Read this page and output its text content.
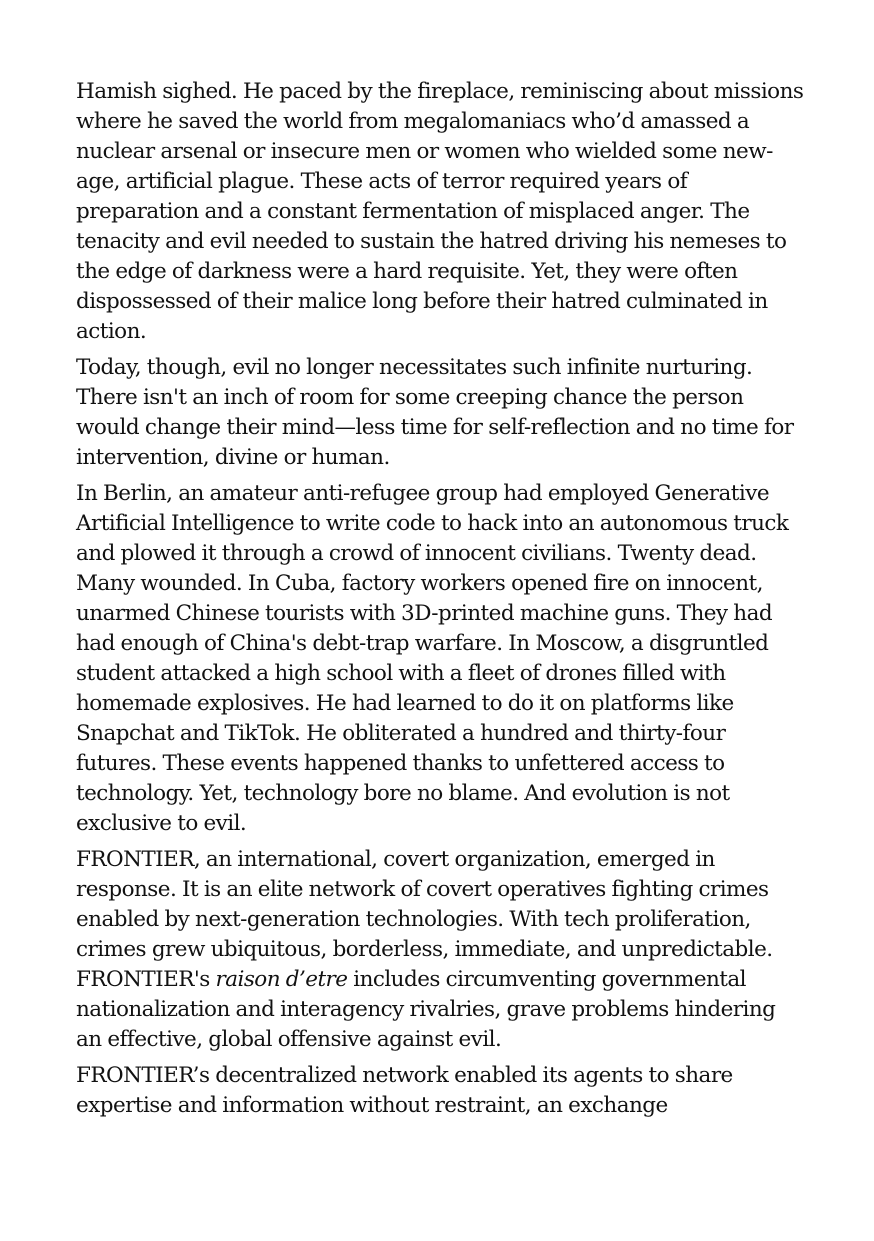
Hamish sighed. He paced by the fireplace, reminiscing about missions where he saved the world from megalomaniacs who’d amassed a nuclear arsenal or insecure men or women who wielded some new-age, artificial plague. These acts of terror required years of preparation and a constant fermentation of misplaced anger. The tenacity and evil needed to sustain the hatred driving his nemeses to the edge of darkness were a hard requisite. Yet, they were often dispossessed of their malice long before their hatred culminated in action.

Today, though, evil no longer necessitates such infinite nurturing. There isn't an inch of room for some creeping chance the person would change their mind—less time for self-reflection and no time for intervention, divine or human.

In Berlin, an amateur anti-refugee group had employed Generative Artificial Intelligence to write code to hack into an autonomous truck and plowed it through a crowd of innocent civilians. Twenty dead. Many wounded. In Cuba, factory workers opened fire on innocent, unarmed Chinese tourists with 3D-printed machine guns. They had had enough of China's debt-trap warfare. In Moscow, a disgruntled student attacked a high school with a fleet of drones filled with homemade explosives. He had learned to do it on platforms like Snapchat and TikTok. He obliterated a hundred and thirty-four futures. These events happened thanks to unfettered access to technology. Yet, technology bore no blame. And evolution is not exclusive to evil.

FRONTIER, an international, covert organization, emerged in response. It is an elite network of covert operatives fighting crimes enabled by next-generation technologies. With tech proliferation, crimes grew ubiquitous, borderless, immediate, and unpredictable. FRONTIER's raison d’etre includes circumventing governmental nationalization and interagency rivalries, grave problems hindering an effective, global offensive against evil.

FRONTIER’s decentralized network enabled its agents to share expertise and information without restraint, an exchange
